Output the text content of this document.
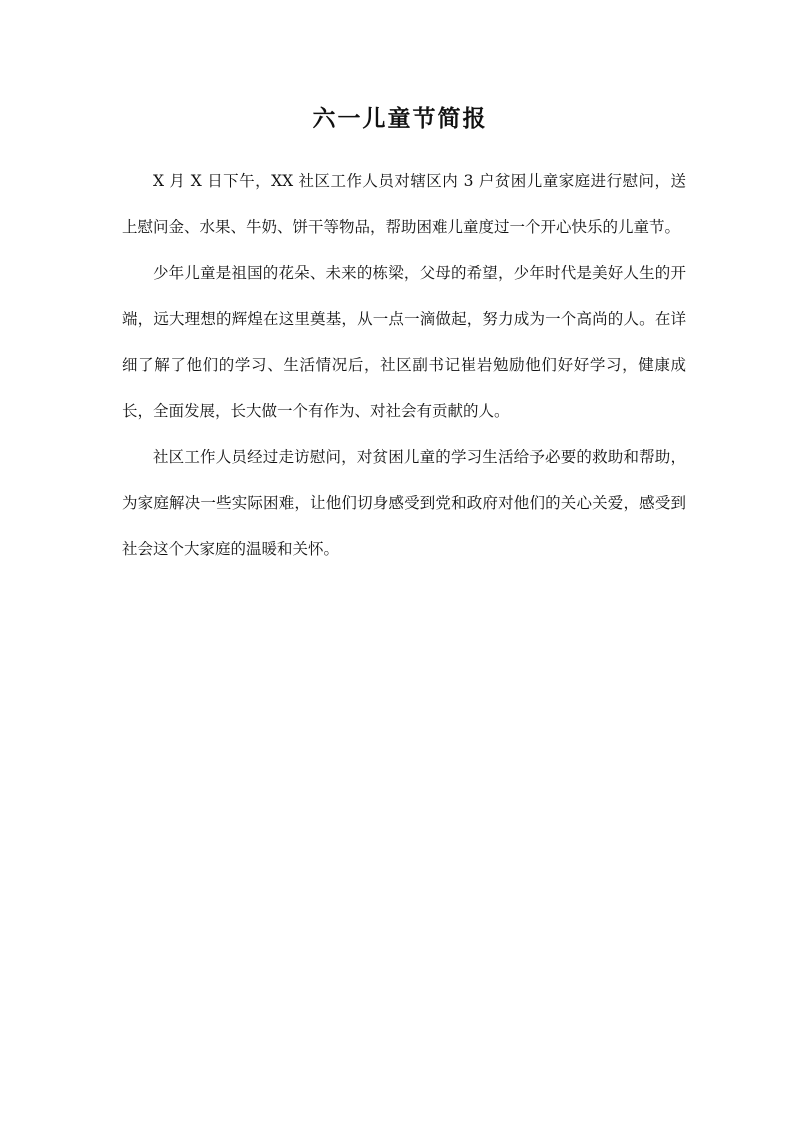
六一儿童节简报

X 月 X 日下午，XX 社区工作人员对辖区内 3 户贫困儿童家庭进行慰问，送上慰问金、水果、牛奶、饼干等物品，帮助困难儿童度过一个开心快乐的儿童节。

少年儿童是祖国的花朵、未来的栋梁，父母的希望，少年时代是美好人生的开端，远大理想的辉煌在这里奠基，从一点一滴做起，努力成为一个高尚的人。在详细了解了他们的学习、生活情况后，社区副书记崔岩勉励他们好好学习，健康成长，全面发展，长大做一个有作为、对社会有贡献的人。

社区工作人员经过走访慰问，对贫困儿童的学习生活给予必要的救助和帮助，为家庭解决一些实际困难，让他们切身感受到党和政府对他们的关心关爱，感受到社会这个大家庭的温暖和关怀。
